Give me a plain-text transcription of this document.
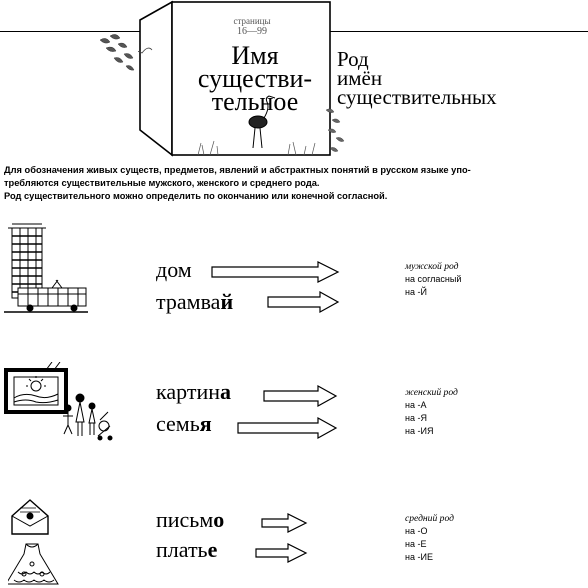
страницы
16—99
Имя
существи-
тельное
Род
имён
существительных
Для обозначения живых существ, предметов, явлений и абстрактных понятий в русском языке упо-
требляются существительные мужского, женского и среднего рода.
Род существительного можно определить по окончанию или конечной согласной.
дом
трамвай
мужской род
на согласный
на -Й
картина
семья
женский род
на -А
на -Я
на -ИЯ
письмо
платье
средний род
на -О
на -Е
на -ИЕ
